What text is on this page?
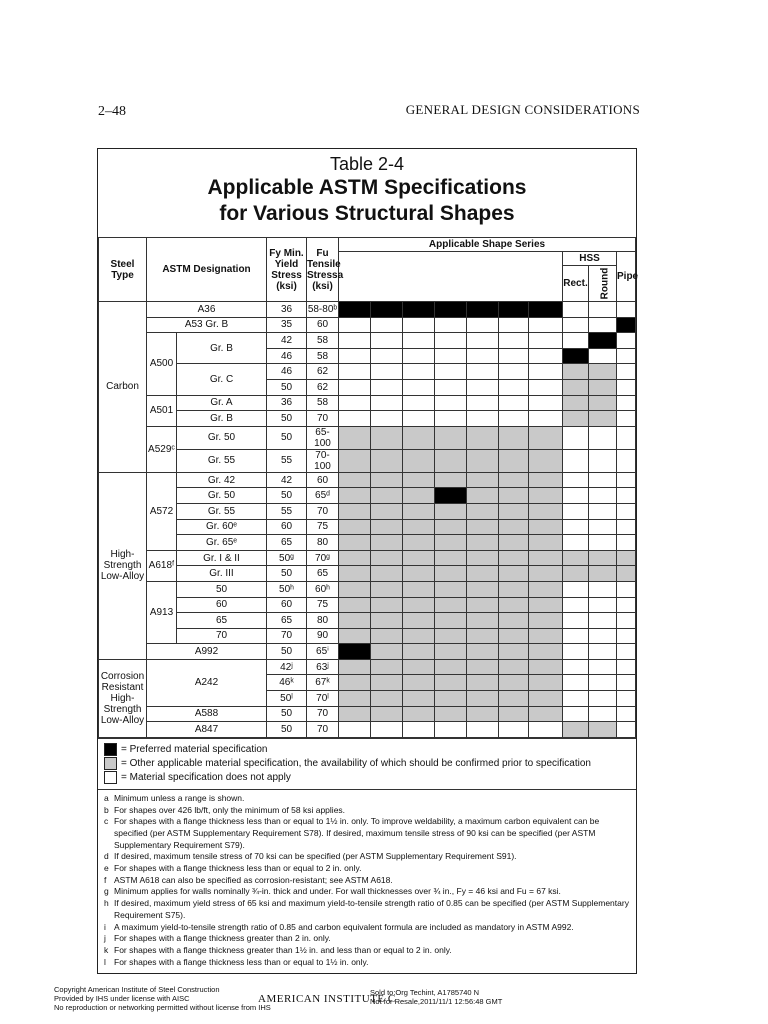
2–48	GENERAL DESIGN CONSIDERATIONS
Table 2-4
Applicable ASTM Specifications
for Various Structural Shapes
Steel Type	ASTM Designation		Fy Min. Yield Stress (ksi)	Fu Tensile Stressa (ksi)	Applicable Shape Series									
												HSS		Pipe
												Rect.	Round	
Carbon	A36		36	58-80ᵇ										
	A53 Gr. B		35	60										
	A500	Gr. B	42	58										
			46	58										
		Gr. C	46	62										
			50	62										
	A501	Gr. A	36	58										
		Gr. B	50	70										
	A529ᶜ	Gr. 50	50	65-100										
		Gr. 55	55	70-100										
High-Strength Low-Alloy	A572	Gr. 42	42	60										
		Gr. 50	50	65ᵈ										
		Gr. 55	55	70										
		Gr. 60ᵉ	60	75										
		Gr. 65ᵉ	65	80										
	A618ᶠ	Gr. I & II	50ᵍ	70ᵍ										
		Gr. III	50	65										
	A913	50	50ʰ	60ʰ										
		60	60	75										
		65	65	80										
		70	70	90										
	A992		50	65ⁱ										
Corrosion Resistant High-Strength Low-Alloy	A242		42ʲ	63ʲ										
			46ᵏ	67ᵏ										
			50ˡ	70ˡ										
	A588		50	70										
	A847		50	70										
= Preferred material specification
= Other applicable material specification, the availability of which should be confirmed prior to specification
= Material specification does not apply
a Minimum unless a range is shown.
b For shapes over 426 lb/ft, only the minimum of 58 ksi applies.
c For shapes with a flange thickness less than or equal to 1½ in. only. To improve weldability, a maximum carbon equivalent can be specified (per ASTM Supplementary Requirement S78). If desired, maximum tensile stress of 90 ksi can be specified (per ASTM Supplementary Requirement S79).
d If desired, maximum tensile stress of 70 ksi can be specified (per ASTM Supplementary Requirement S91).
e For shapes with a flange thickness less than or equal to 2 in. only.
f ASTM A618 can also be specified as corrosion-resistant; see ASTM A618.
g Minimum applies for walls nominally ¾-in. thick and under. For wall thicknesses over ¾ in., Fy = 46 ksi and Fu = 67 ksi.
h If desired, maximum yield stress of 65 ksi and maximum yield-to-tensile strength ratio of 0.85 can be specified (per ASTM Supplementary Requirement S75).
i A maximum yield-to-tensile strength ratio of 0.85 and carbon equivalent formula are included as mandatory in ASTM A992.
j For shapes with a flange thickness greater than 2 in. only.
k For shapes with a flange thickness greater than 1½ in. and less than or equal to 2 in. only.
l For shapes with a flange thickness less than or equal to 1½ in. only.
Copyright American Institute of Steel Construction
Provided by IHS under license with AISC
No reproduction or networking permitted without license from IHS
AMERICAN INSTITUTE C
Sold to:Org Techint, A1785740 N
Not for Resale,2011/11/1 12:56:48 GMT
